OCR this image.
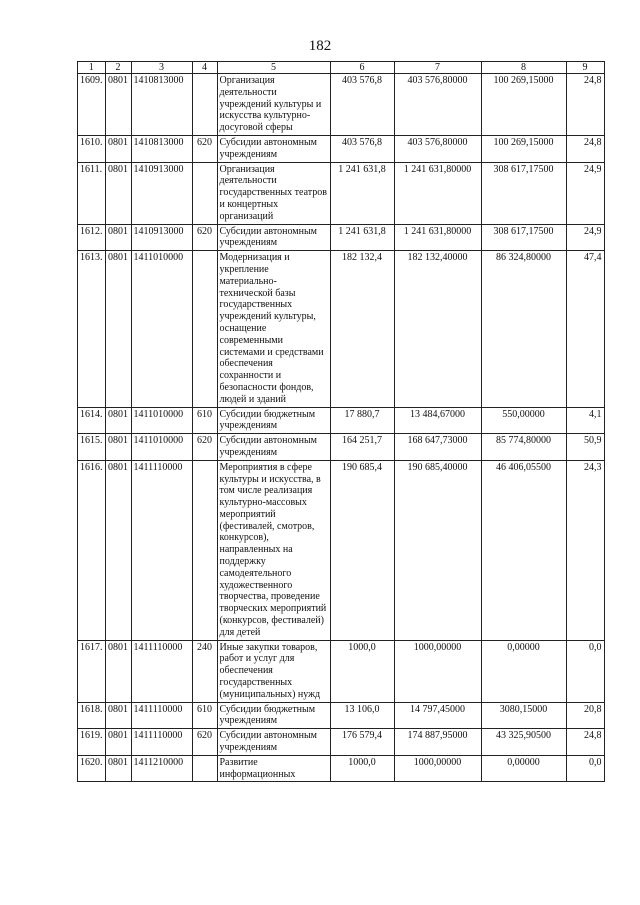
182
1	2	3	4	5	6	7	8	9
1609.	0801	1410813000		Организация деятельности учреждений культуры и искусства культурно-досуговой сферы	403 576,8	403 576,80000	100 269,15000	24,8
1610.	0801	1410813000	620	Субсидии автономным учреждениям	403 576,8	403 576,80000	100 269,15000	24,8
1611.	0801	1410913000		Организация деятельности государственных театров и концертных организаций	1 241 631,8	1 241 631,80000	308 617,17500	24,9
1612.	0801	1410913000	620	Субсидии автономным учреждениям	1 241 631,8	1 241 631,80000	308 617,17500	24,9
1613.	0801	1411010000		Модернизация и укрепление материально-технической базы государственных учреждений культуры, оснащение современными системами и средствами обеспечения сохранности и безопасности фондов, людей и зданий	182 132,4	182 132,40000	86 324,80000	47,4
1614.	0801	1411010000	610	Субсидии бюджетным учреждениям	17 880,7	13 484,67000	550,00000	4,1
1615.	0801	1411010000	620	Субсидии автономным учреждениям	164 251,7	168 647,73000	85 774,80000	50,9
1616.	0801	1411110000		Мероприятия в сфере культуры и искусства, в том числе реализация культурно-массовых мероприятий (фестивалей, смотров, конкурсов), направленных на поддержку самодеятельного художественного творчества, проведение творческих мероприятий (конкурсов, фестивалей) для детей	190 685,4	190 685,40000	46 406,05500	24,3
1617.	0801	1411110000	240	Иные закупки товаров, работ и услуг для обеспечения государственных (муниципальных) нужд	1000,0	1000,00000	0,00000	0,0
1618.	0801	1411110000	610	Субсидии бюджетным учреждениям	13 106,0	14 797,45000	3080,15000	20,8
1619.	0801	1411110000	620	Субсидии автономным учреждениям	176 579,4	174 887,95000	43 325,90500	24,8
1620.	0801	1411210000		Развитие информационных	1000,0	1000,00000	0,00000	0,0
